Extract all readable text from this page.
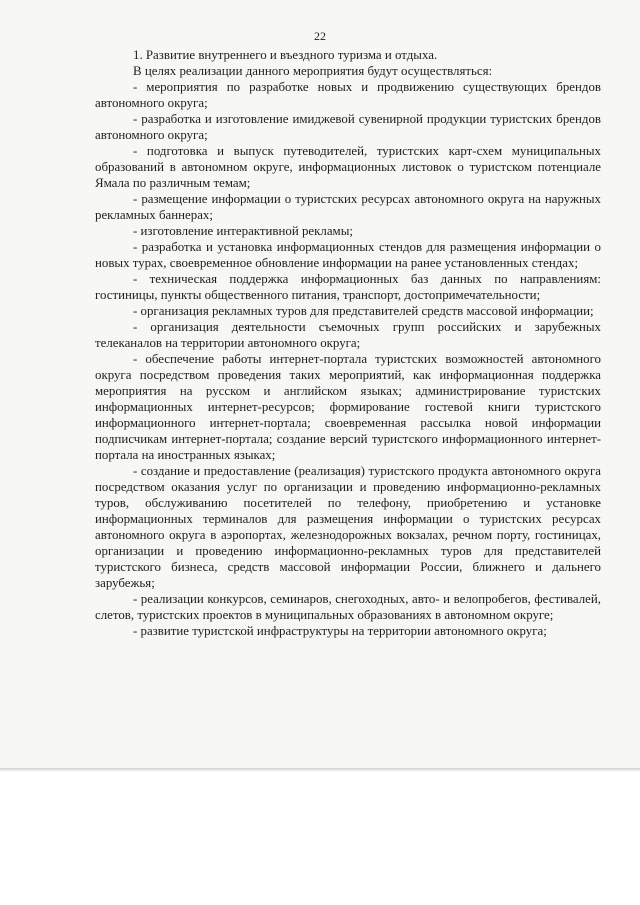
22

1. Развитие внутреннего и въездного туризма и отдыха.

В целях реализации данного мероприятия будут осуществляться:

- мероприятия по разработке новых и продвижению существующих брендов автономного округа;

- разработка и изготовление имиджевой сувенирной продукции туристских брендов автономного округа;

- подготовка и выпуск путеводителей, туристских карт-схем муниципальных образований в автономном округе, информационных листовок о туристском потенциале Ямала по различным темам;

- размещение информации о туристских ресурсах автономного округа на наружных рекламных баннерах;

- изготовление интерактивной рекламы;

- разработка и установка информационных стендов для размещения информации о новых турах, своевременное обновление информации на ранее установленных стендах;

- техническая поддержка информационных баз данных по направлениям: гостиницы, пункты общественного питания, транспорт, достопримечательности;

- организация рекламных туров для представителей средств массовой информации;

- организация деятельности съемочных групп российских и зарубежных телеканалов на территории автономного округа;

- обеспечение работы интернет-портала туристских возможностей автономного округа посредством проведения таких мероприятий, как информационная поддержка мероприятия на русском и английском языках; администрирование туристских информационных интернет-ресурсов; формирование гостевой книги туристского информационного интернет-портала; своевременная рассылка новой информации подписчикам интернет-портала; создание версий туристского информационного интернет-портала на иностранных языках;

- создание и предоставление (реализация) туристского продукта автономного округа посредством оказания услуг по организации и проведению информационно-рекламных туров, обслуживанию посетителей по телефону, приобретению и установке информационных терминалов для размещения информации о туристских ресурсах автономного округа в аэропортах, железнодорожных вокзалах, речном порту, гостиницах, организации и проведению информационно-рекламных туров для представителей туристского бизнеса, средств массовой информации России, ближнего и дальнего зарубежья;

- реализации конкурсов, семинаров, снегоходных, авто- и велопробегов, фестивалей, слетов, туристских проектов в муниципальных образованиях в автономном округе;

- развитие туристской инфраструктуры на территории автономного округа;
